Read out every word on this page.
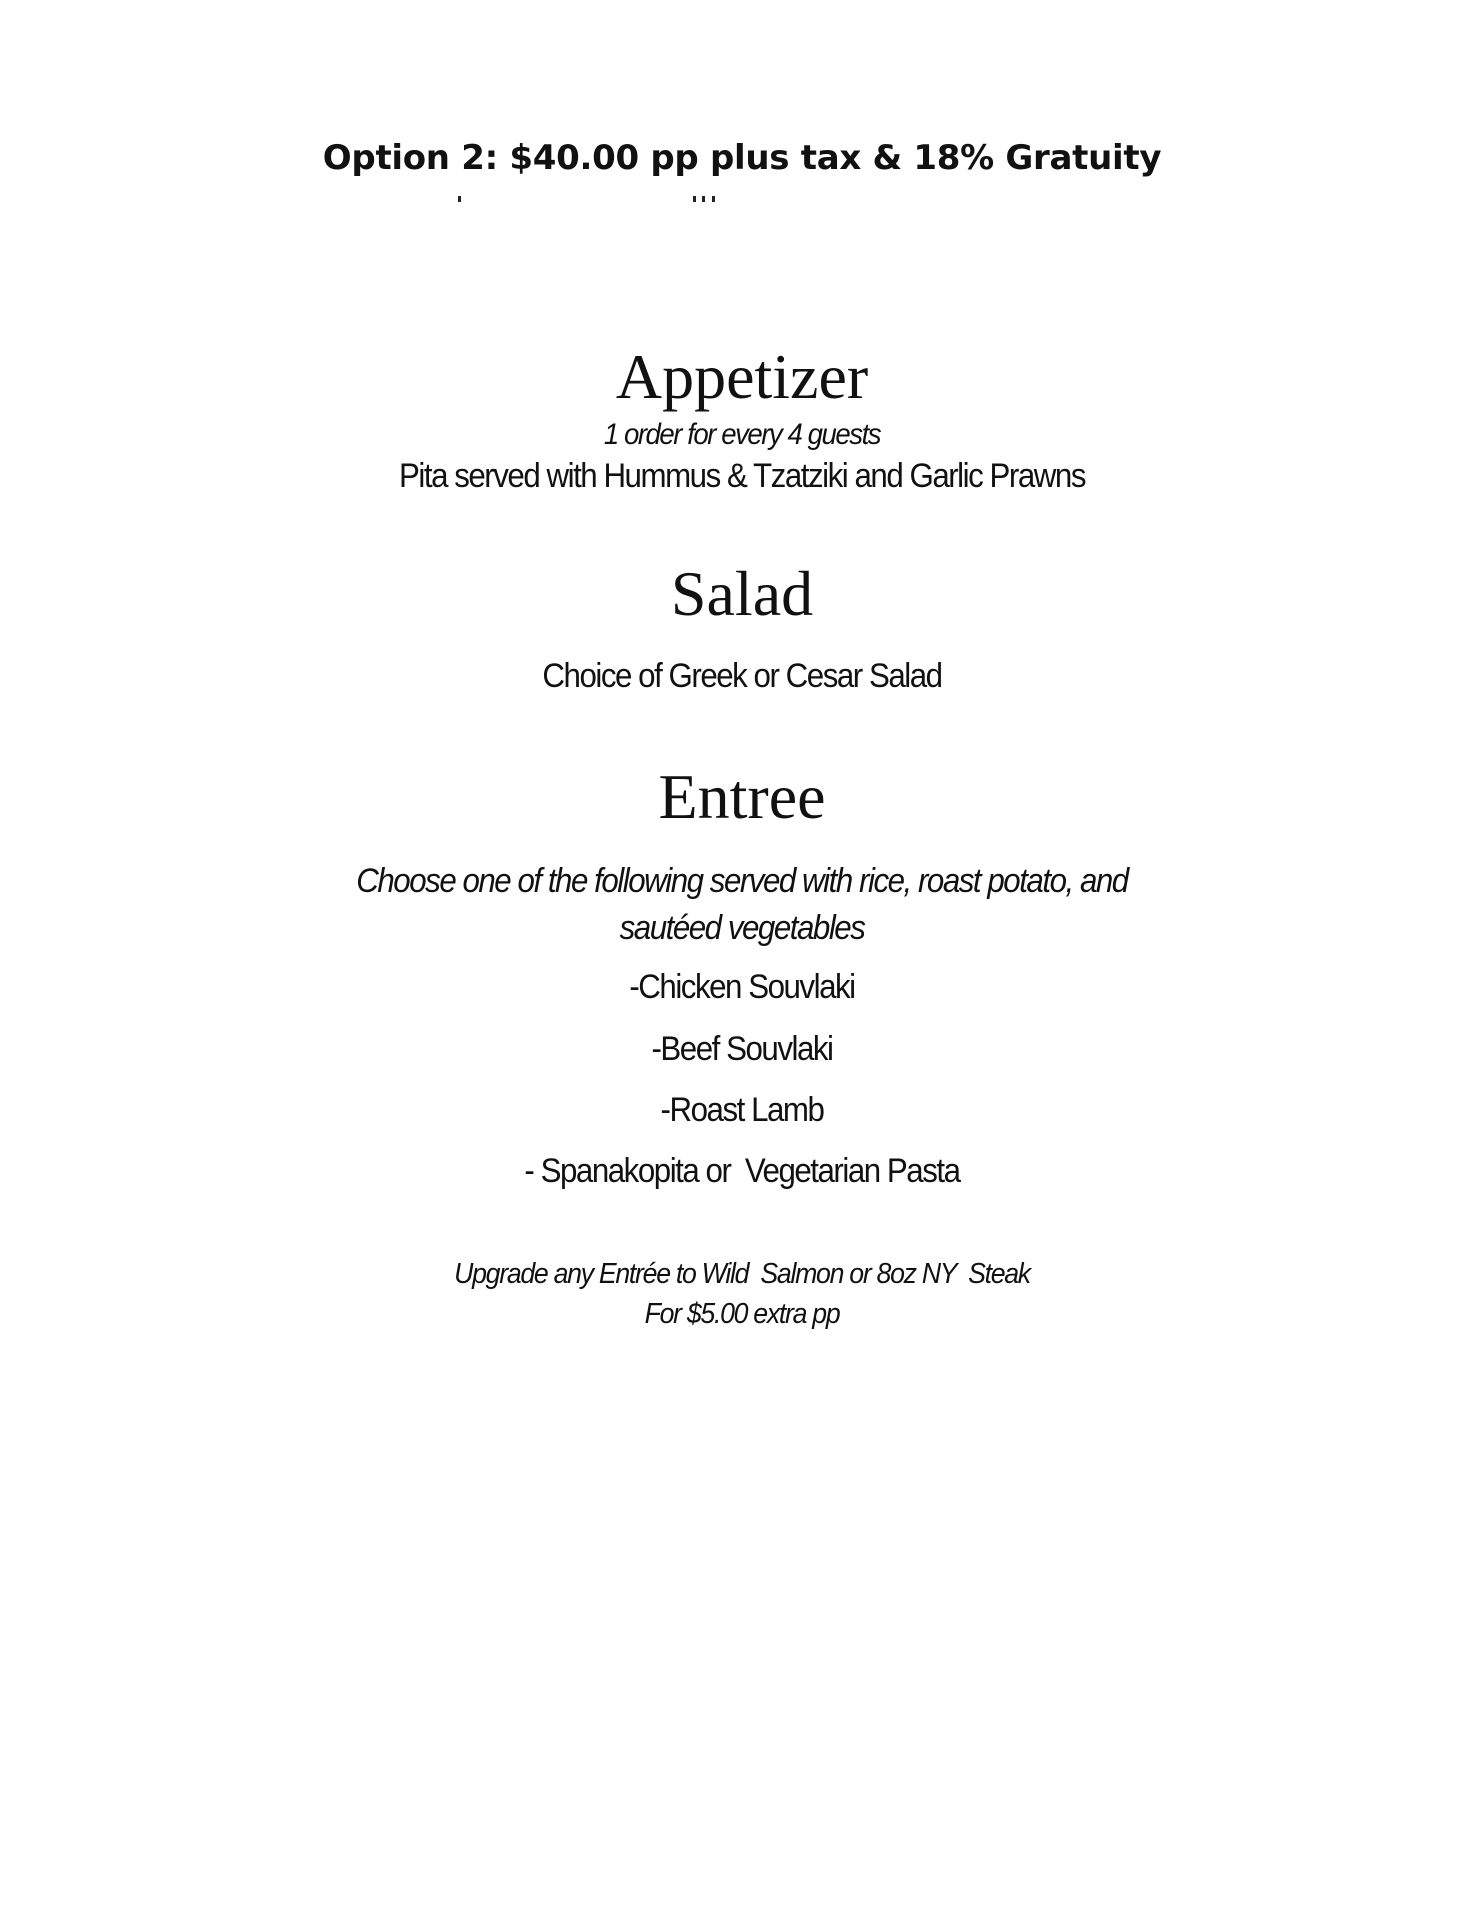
Option 2: $40.00 pp plus tax & 18% Gratuity

Appetizer

1 order for every 4 guests

Pita served with Hummus & Tzatziki and Garlic Prawns

Salad

Choice of Greek or Cesar Salad

Entree

Choose one of the following served with rice, roast potato, and

sautéed vegetables

-Chicken Souvlaki

-Beef Souvlaki

-Roast Lamb

- Spanakopita or  Vegetarian Pasta

Upgrade any Entrée to Wild  Salmon or 8oz NY  Steak

For $5.00 extra pp
